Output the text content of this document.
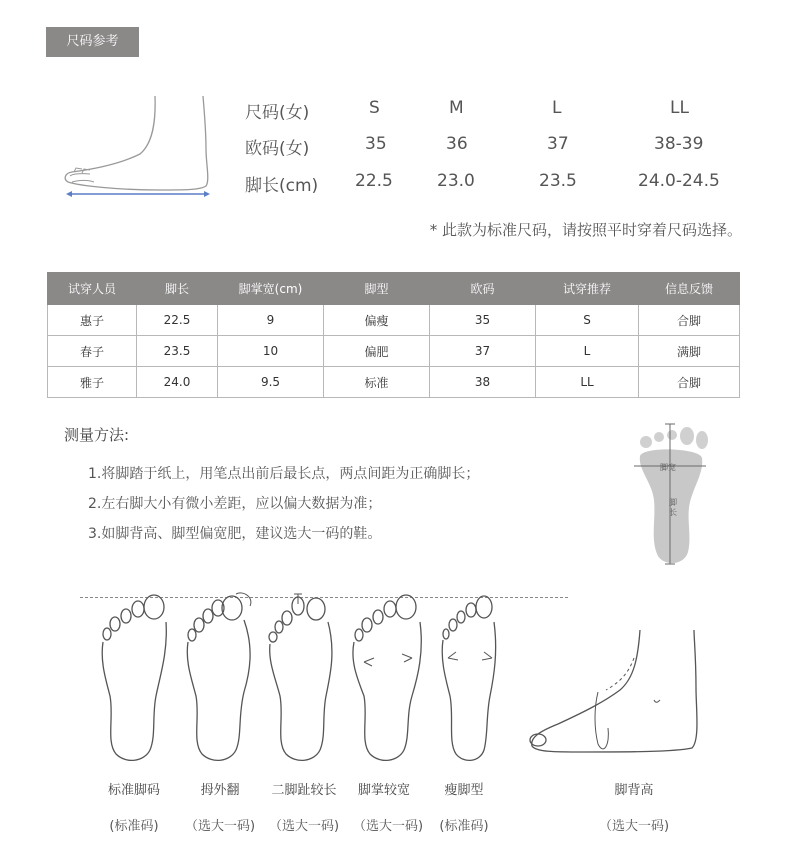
尺码参考
尺码(女)	S	M	L	LL
欧码(女)	35	36	37	38-39
脚长(cm) 22.5	23.0	23.5	24.0-24.5
* 此款为标准尺码，请按照平时穿着尺码选择。
试穿人员	脚长	脚掌宽(cm)	脚型	欧码	试穿推荐	信息反馈
惠子	22.5	9	偏瘦	35	S	合脚
春子	23.5	10	偏肥	37	L	满脚
雅子	24.0	9.5	标准	38	LL	合脚
测量方法:
1.将脚踏于纸上，用笔点出前后最长点，两点间距为正确脚长；
2.左右脚大小有微小差距，应以偏大数据为准；
3.如脚背高、脚型偏宽肥，建议选大一码的鞋。
脚宽
脚长
标准脚码	拇外翻	二脚趾较长	脚掌较宽	瘦脚型	脚背高
(标准码)	（选大一码)	（选大一码)	（选大一码)	(标准码)	（选大一码)
